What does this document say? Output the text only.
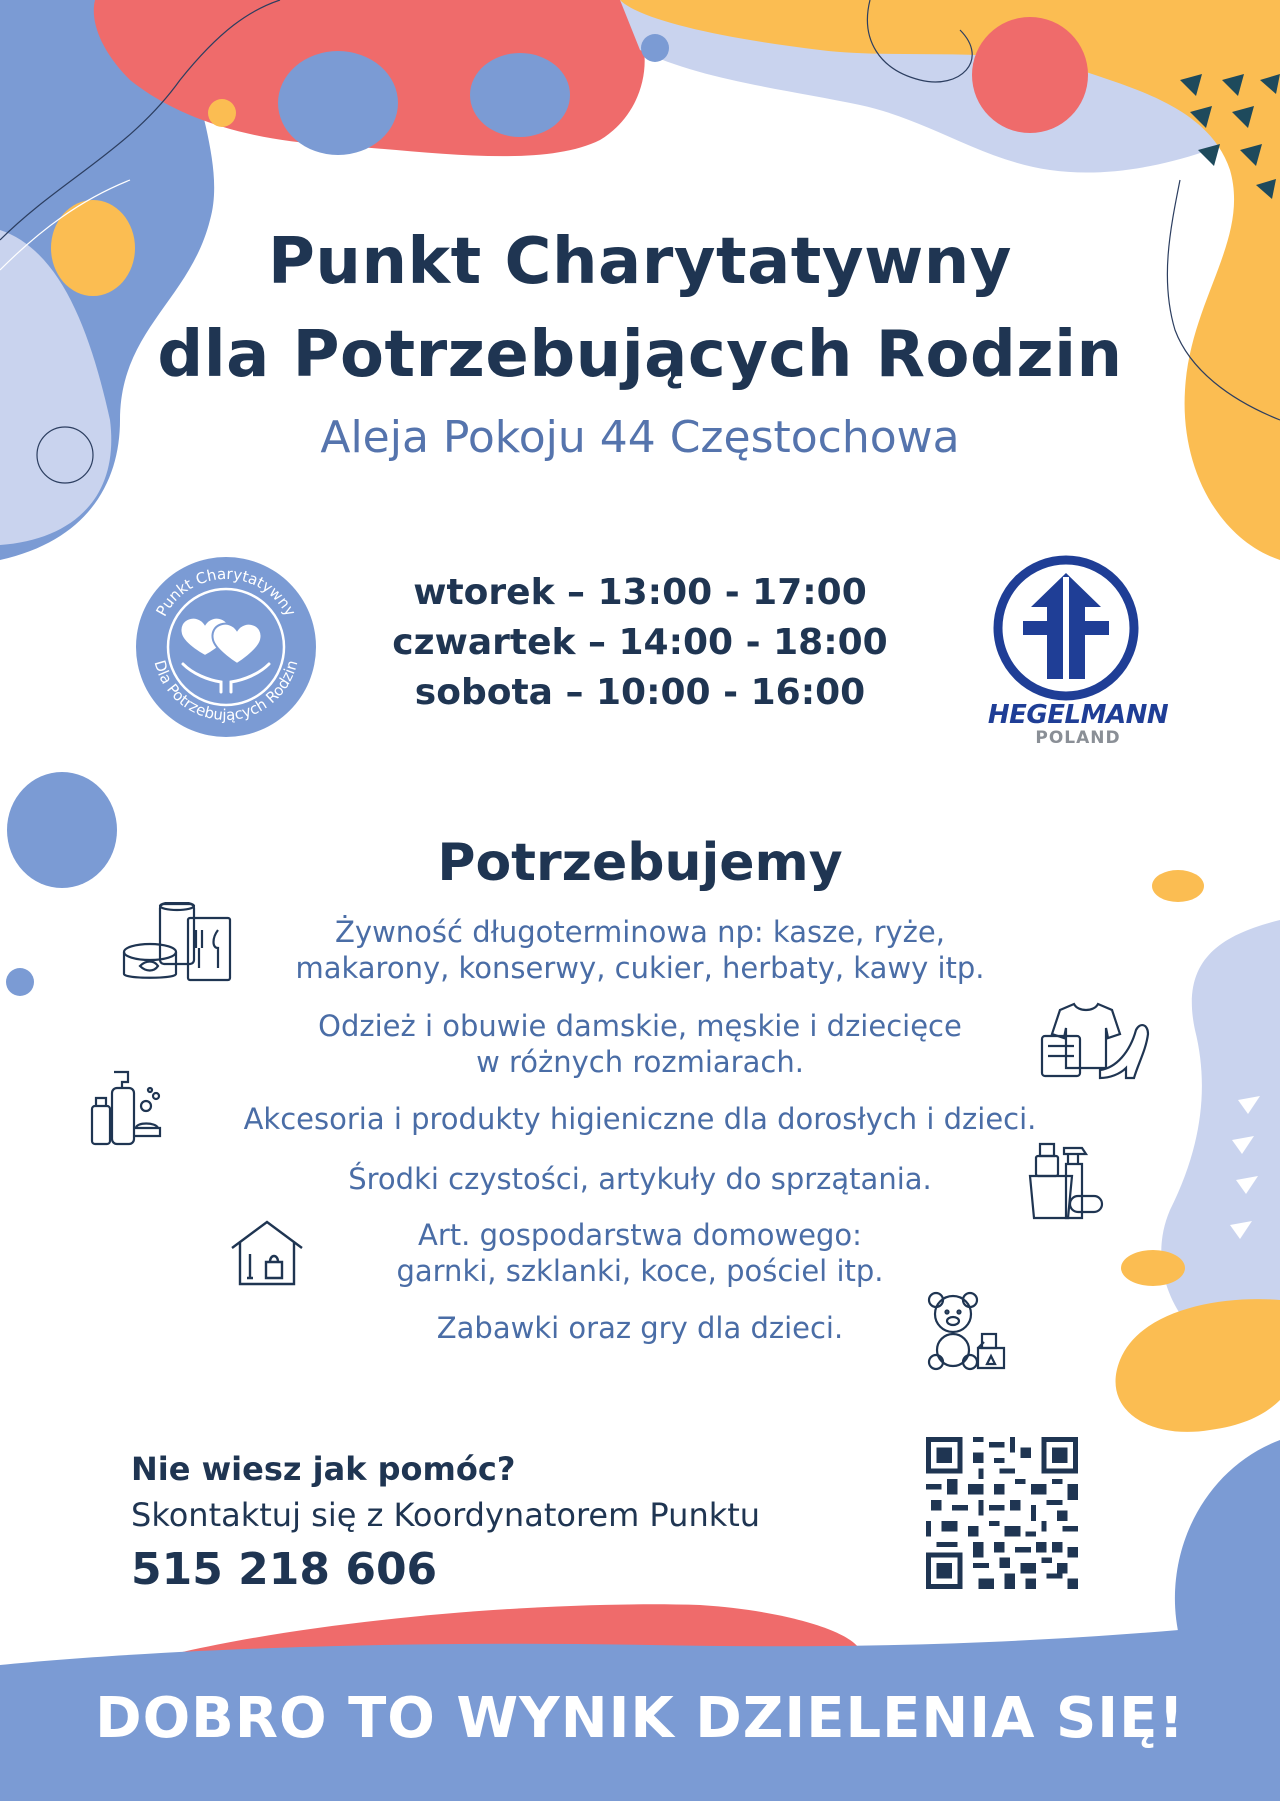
Punkt Charytatywny
dla Potrzebujących Rodzin
Aleja Pokoju 44 Częstochowa
Punkt Charytatywny
Dla Potrzebujących Rodzin
wtorek – 13:00 - 17:00
czwartek – 14:00 - 18:00
sobota – 10:00 - 16:00
HEGELMANN
POLAND
Potrzebujemy
Żywność długoterminowa np: kasze, ryże,
makarony, konserwy, cukier, herbaty, kawy itp.
Odzież i obuwie damskie, męskie i dziecięce
w różnych rozmiarach.
Akcesoria i produkty higieniczne dla dorosłych i dzieci.
Środki czystości, artykuły do sprzątania.
Art. gospodarstwa domowego:
garnki, szklanki, koce, pościel itp.
Zabawki oraz gry dla dzieci.
Nie wiesz jak pomóc?
Skontaktuj się z Koordynatorem Punktu
515 218 606
DOBRO TO WYNIK DZIELENIA SIĘ!
